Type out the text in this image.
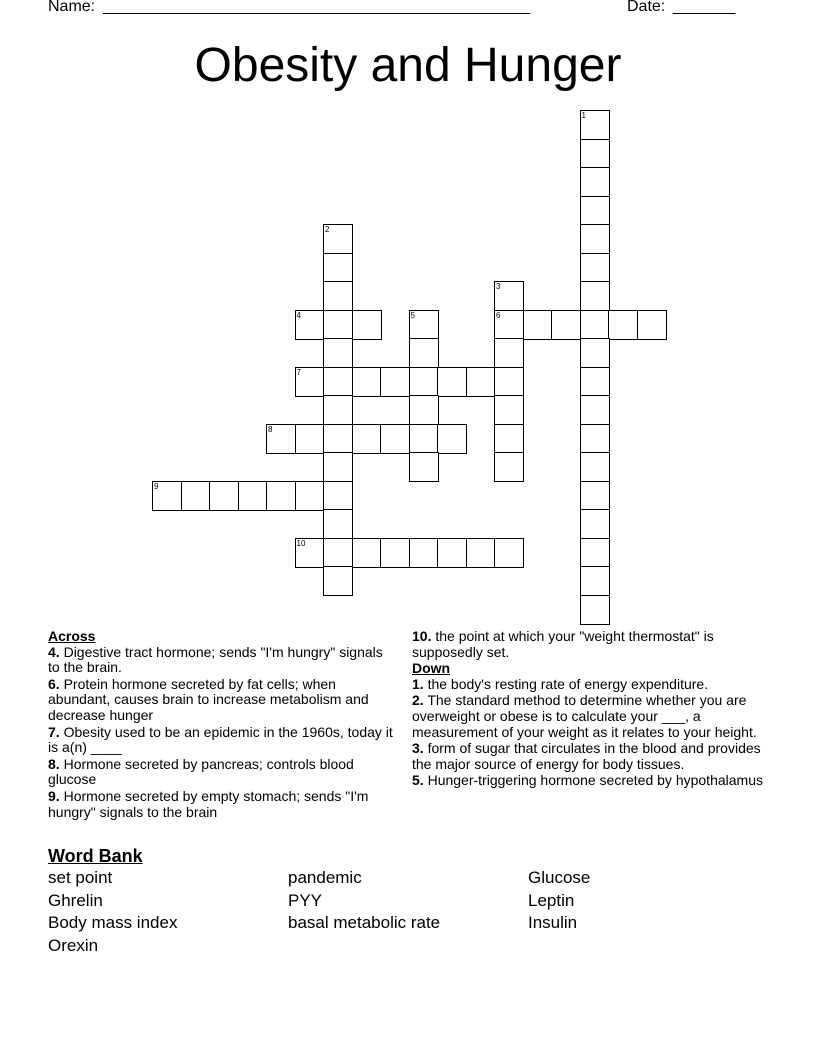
Name: ________________________________________________	Date: _______
Obesity and Hunger
4	6
7
8
9
10
1
2
3
5
Across
4. Digestive tract hormone; sends "I'm hungry" signals to the brain.
6. Protein hormone secreted by fat cells; when abundant, causes brain to increase metabolism and decrease hunger
7. Obesity used to be an epidemic in the 1960s, today it is a(n) ____
8. Hormone secreted by pancreas; controls blood glucose
9. Hormone secreted by empty stomach; sends "I'm hungry" signals to the brain
10. the point at which your "weight thermostat" is supposedly set.
Down
1. the body's resting rate of energy expenditure.
2. The standard method to determine whether you are overweight or obese is to calculate your ___, a measurement of your weight as it relates to your height.
3. form of sugar that circulates in the blood and provides the major source of energy for body tissues.
5. Hunger-triggering hormone secreted by hypothalamus
Word Bank
set point	pandemic	Glucose
Ghrelin	PYY	Leptin
Body mass index	basal metabolic rate	Insulin
Orexin
